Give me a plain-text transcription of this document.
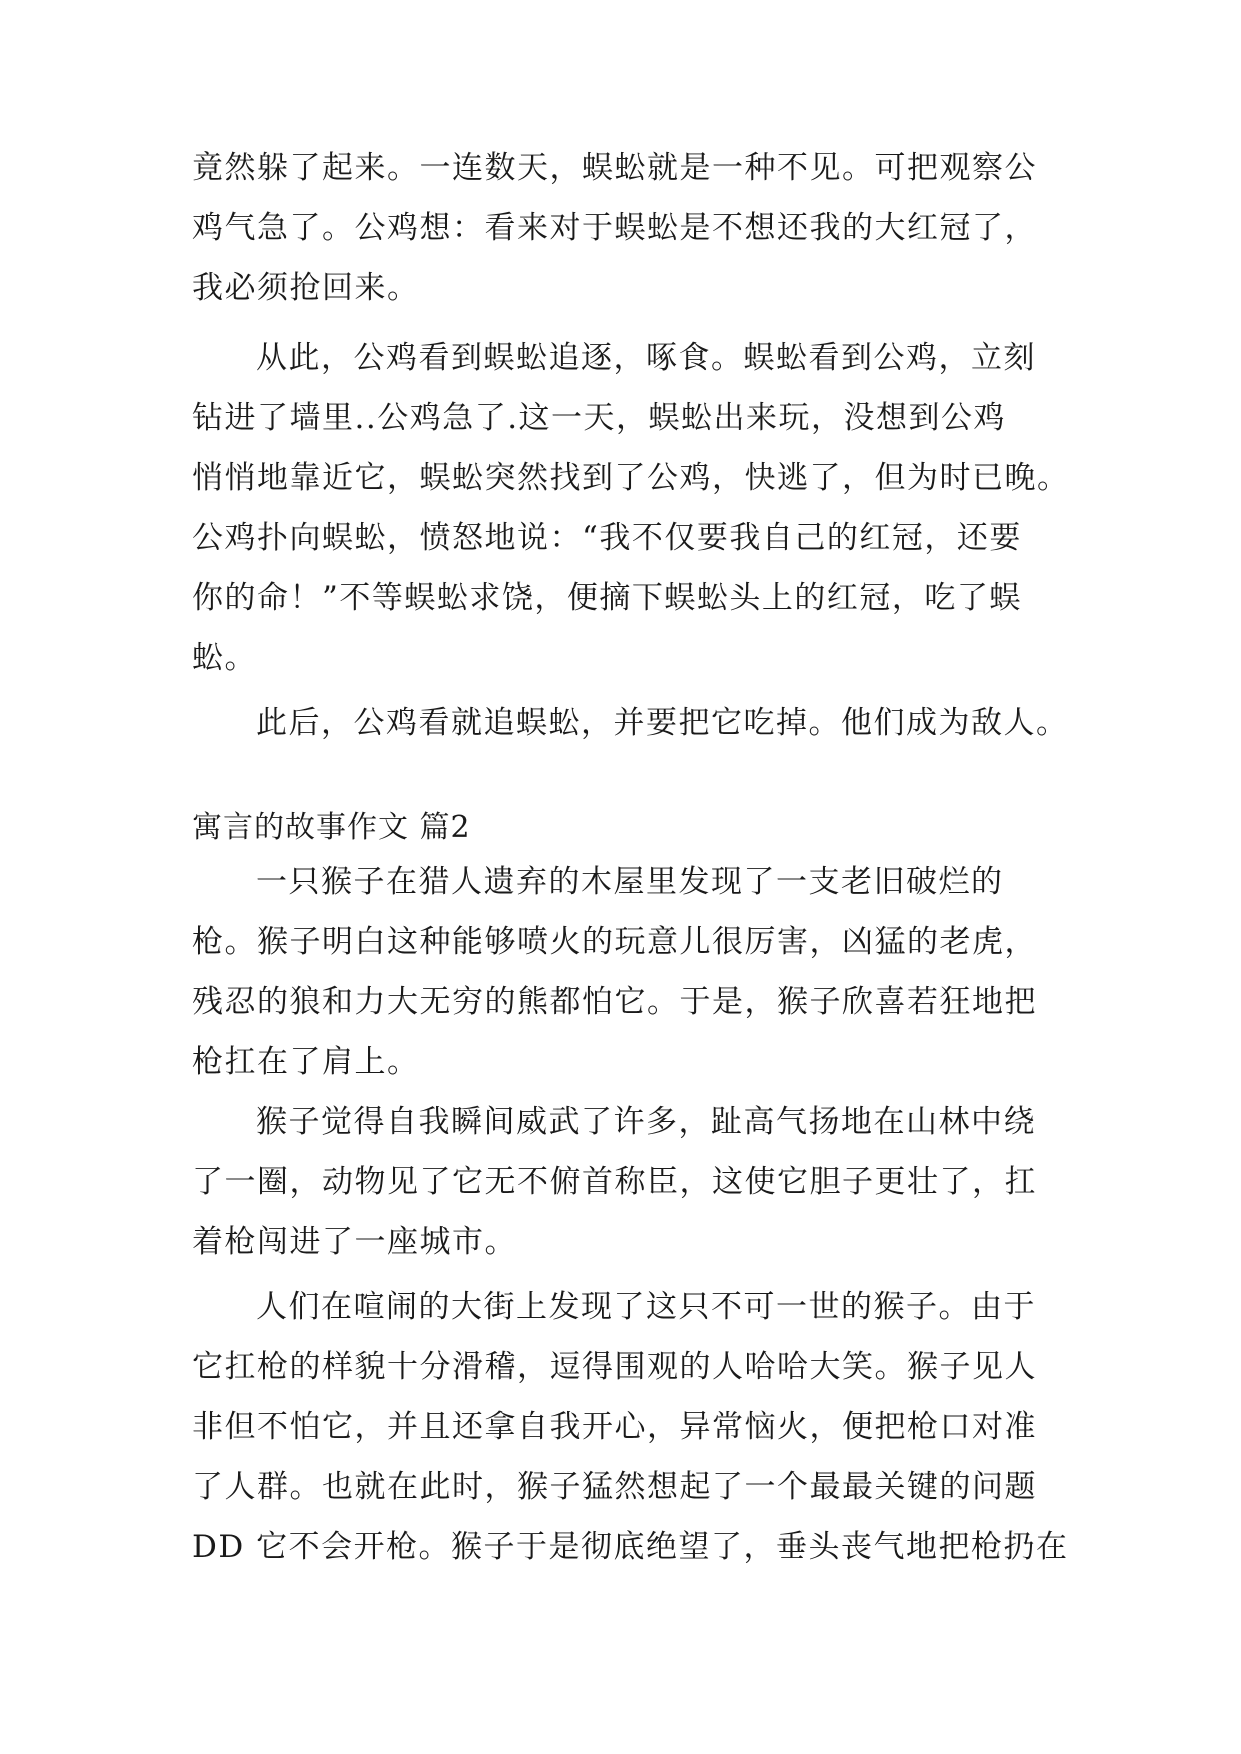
竟然躲了起来。一连数天，蜈蚣就是一种不见。可把观察公

鸡气急了。公鸡想：看来对于蜈蚣是不想还我的大红冠了，

我必须抢回来。

从此，公鸡看到蜈蚣追逐，啄食。蜈蚣看到公鸡，立刻

钻进了墙里..公鸡急了.这一天，蜈蚣出来玩，没想到公鸡

悄悄地靠近它，蜈蚣突然找到了公鸡，快逃了，但为时已晚。

公鸡扑向蜈蚣，愤怒地说：“我不仅要我自己的红冠，还要

你的命！”不等蜈蚣求饶，便摘下蜈蚣头上的红冠，吃了蜈

蚣。

此后，公鸡看就追蜈蚣，并要把它吃掉。他们成为敌人。

寓言的故事作文 篇2

一只猴子在猎人遗弃的木屋里发现了一支老旧破烂的

枪。猴子明白这种能够喷火的玩意儿很厉害，凶猛的老虎，

残忍的狼和力大无穷的熊都怕它。于是，猴子欣喜若狂地把

枪扛在了肩上。

猴子觉得自我瞬间威武了许多，趾高气扬地在山林中绕

了一圈，动物见了它无不俯首称臣，这使它胆子更壮了，扛

着枪闯进了一座城市。

人们在喧闹的大街上发现了这只不可一世的猴子。由于

它扛枪的样貌十分滑稽，逗得围观的人哈哈大笑。猴子见人

非但不怕它，并且还拿自我开心，异常恼火，便把枪口对准

了人群。也就在此时，猴子猛然想起了一个最最关键的问题

DD 它不会开枪。猴子于是彻底绝望了，垂头丧气地把枪扔在
